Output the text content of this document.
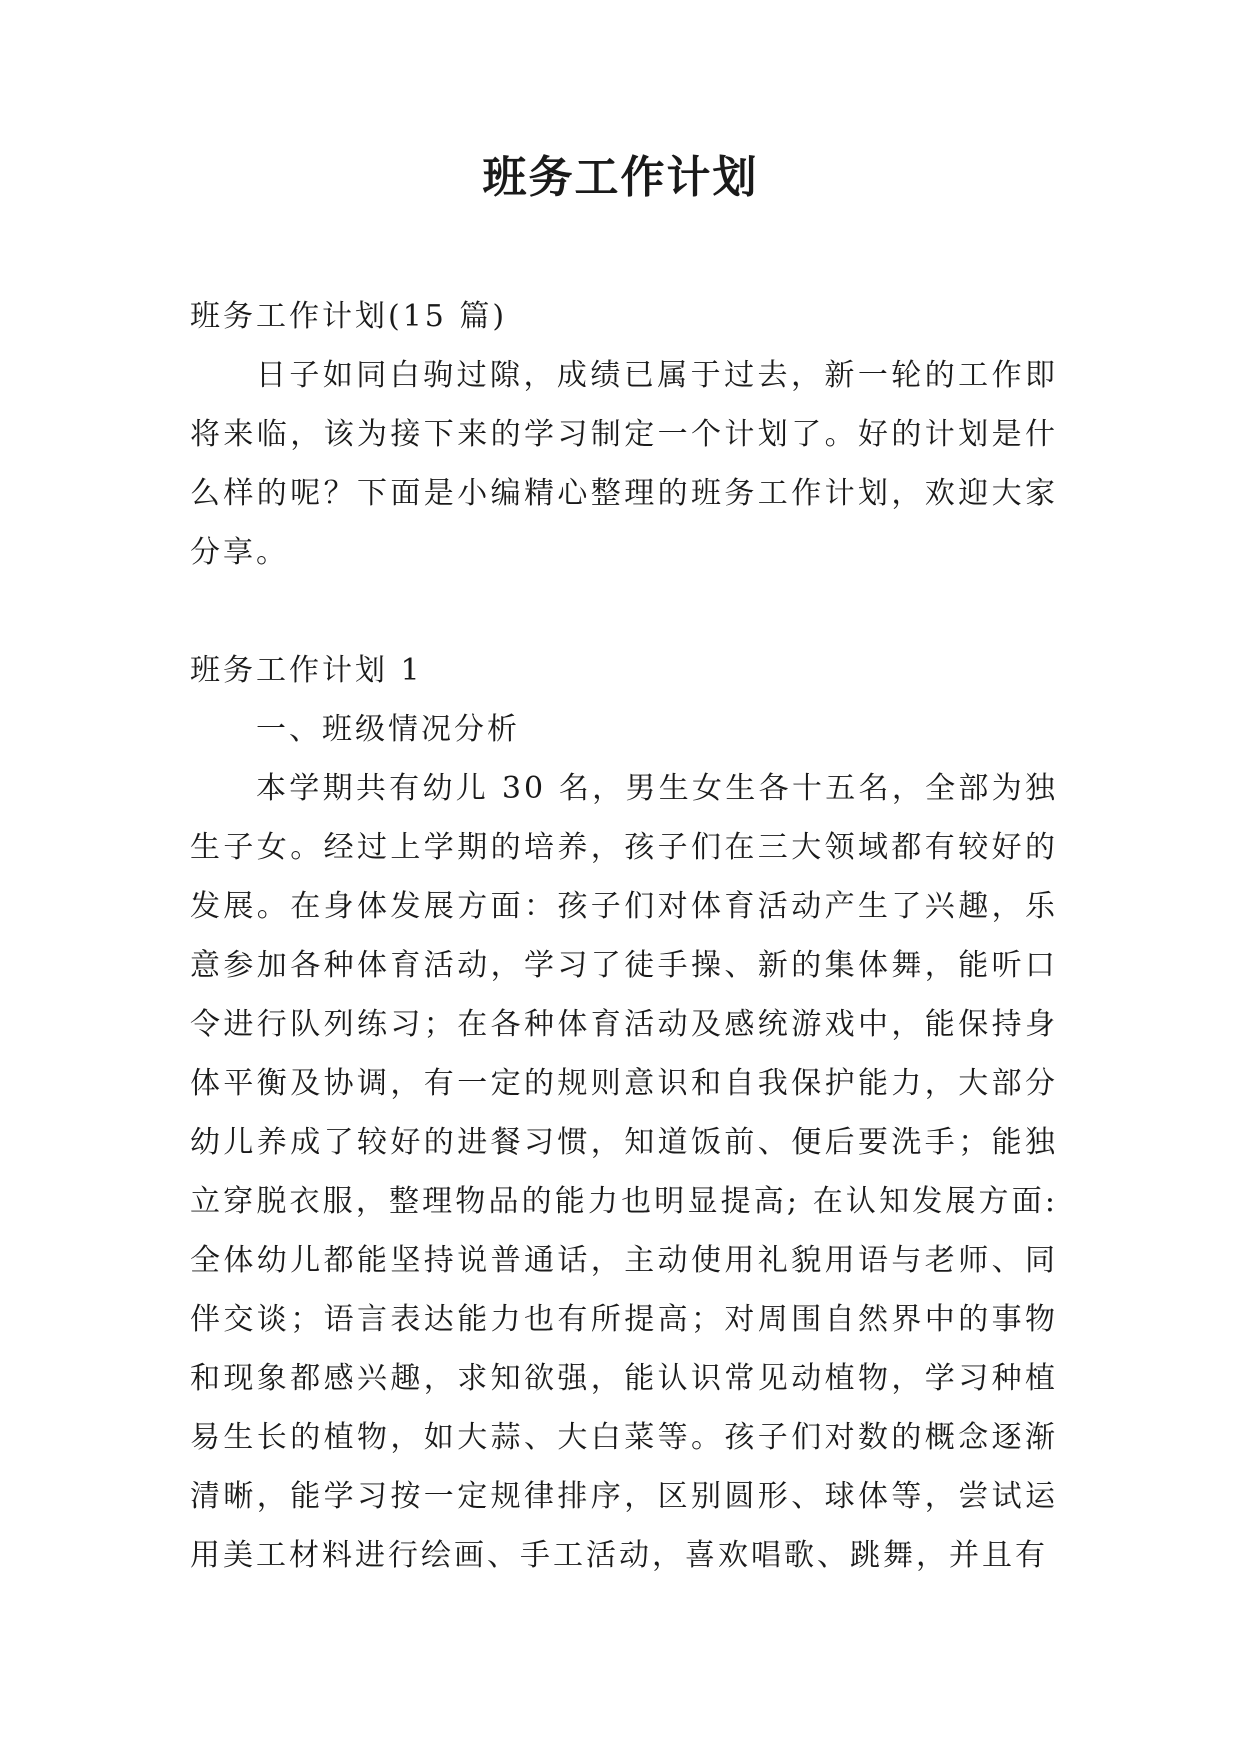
班务工作计划

班务工作计划(15 篇)

日子如同白驹过隙，成绩已属于过去，新一轮的工作即将来临，该为接下来的学习制定一个计划了。好的计划是什么样的呢？下面是小编精心整理的班务工作计划，欢迎大家分享。

班务工作计划 1

一、班级情况分析

本学期共有幼儿 30 名，男生女生各十五名，全部为独生子女。经过上学期的培养，孩子们在三大领域都有较好的发展。在身体发展方面：孩子们对体育活动产生了兴趣，乐意参加各种体育活动，学习了徒手操、新的集体舞，能听口令进行队列练习；在各种体育活动及感统游戏中，能保持身体平衡及协调，有一定的规则意识和自我保护能力，大部分幼儿养成了较好的进餐习惯，知道饭前、便后要洗手；能独立穿脱衣服，整理物品的能力也明显提高; 在认知发展方面: 全体幼儿都能坚持说普通话，主动使用礼貌用语与老师、同伴交谈；语言表达能力也有所提高；对周围自然界中的事物和现象都感兴趣，求知欲强，能认识常见动植物，学习种植易生长的植物，如大蒜、大白菜等。孩子们对数的概念逐渐清晰，能学习按一定规律排序，区别圆形、球体等，尝试运用美工材料进行绘画、手工活动，喜欢唱歌、跳舞，并且有
